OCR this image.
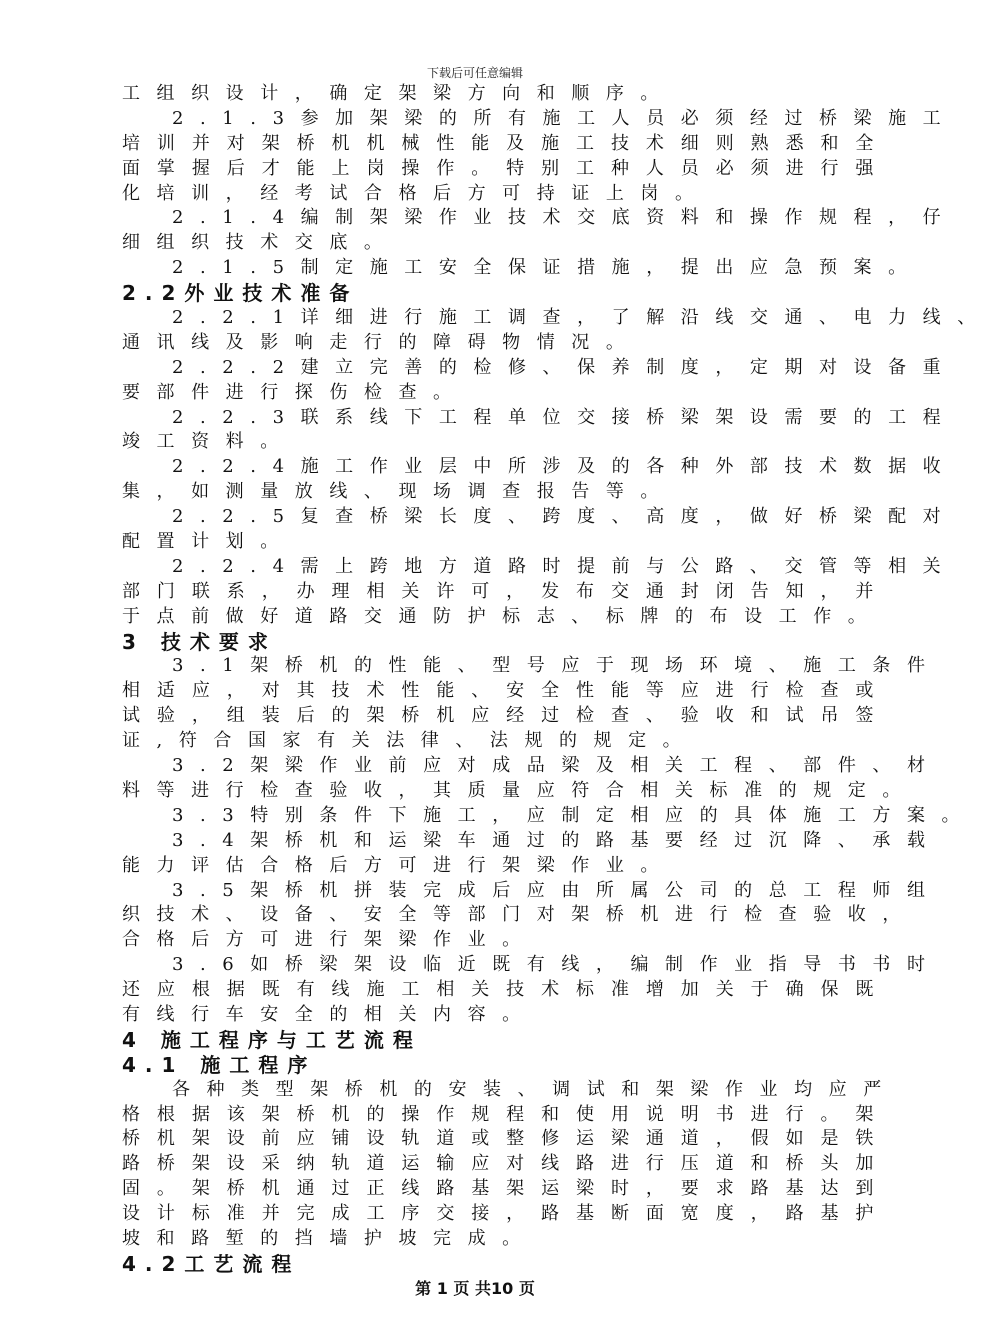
下载后可任意编辑
工组织设计，确定架梁方向和顺序。
2.1.3参加架梁的所有施工人员必须经过桥梁施工
培训并对架桥机机械性能及施工技术细则熟悉和全
面掌握后才能上岗操作。特别工种人员必须进行强
化培训，经考试合格后方可持证上岗。
2.1.4编制架梁作业技术交底资料和操作规程，仔
细组织技术交底。
2.1.5制定施工安全保证措施，提出应急预案。
2.2外业技术准备
2.2.1详细进行施工调查，了解沿线交通、电力线、
通讯线及影响走行的障碍物情况。
2.2.2建立完善的检修、保养制度，定期对设备重
要部件进行探伤检查。
2.2.3联系线下工程单位交接桥梁架设需要的工程
竣工资料。
2.2.4施工作业层中所涉及的各种外部技术数据收
集，如测量放线、现场调查报告等。
2.2.5复查桥梁长度、跨度、高度，做好桥梁配对
配置计划。
2.2.4需上跨地方道路时提前与公路、交管等相关
部门联系，办理相关许可，发布交通封闭告知，并
于点前做好道路交通防护标志、标牌的布设工作。
3 技术要求
3.1架桥机的性能、型号应于现场环境、施工条件
相适应，对其技术性能、安全性能等应进行检查或
试验，组装后的架桥机应经过检查、验收和试吊签
证,符合国家有关法律、法规的规定。
3.2架梁作业前应对成品梁及相关工程、部件、材
料等进行检查验收，其质量应符合相关标准的规定。
3.3特别条件下施工，应制定相应的具体施工方案。
3.4架桥机和运梁车通过的路基要经过沉降、承载
能力评估合格后方可进行架梁作业。
3.5架桥机拼装完成后应由所属公司的总工程师组
织技术、设备、安全等部门对架桥机进行检查验收，
合格后方可进行架梁作业。
3.6如桥梁架设临近既有线，编制作业指导书书时
还应根据既有线施工相关技术标准增加关于确保既
有线行车安全的相关内容。
4 施工程序与工艺流程
4.1 施工程序
各种类型架桥机的安装、调试和架梁作业均应严
格根据该架桥机的操作规程和使用说明书进行。架
桥机架设前应铺设轨道或整修运梁通道，假如是铁
路桥架设采纳轨道运输应对线路进行压道和桥头加
固。架桥机通过正线路基架运梁时，要求路基达到
设计标准并完成工序交接，路基断面宽度，路基护
坡和路堑的挡墙护坡完成。
4.2工艺流程
第 1 页 共10 页
